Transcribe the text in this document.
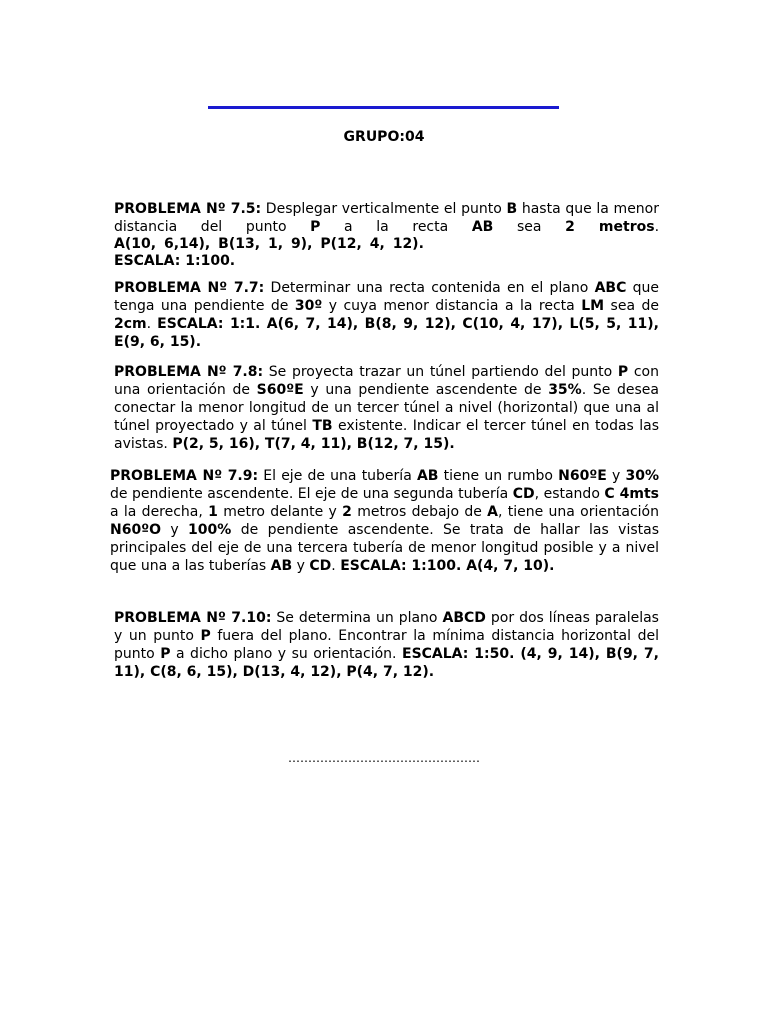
GRUPO:04
PROBLEMA Nº 7.5: Desplegar verticalmente el punto B hasta que la menor distancia del punto P a la recta AB sea 2 metros.
A(10, 6,14), B(13, 1, 9), P(12, 4, 12).
ESCALA: 1:100.
PROBLEMA Nº 7.7: Determinar una recta contenida en el plano ABC que tenga una pendiente de 30º y cuya menor distancia a la recta LM sea de 2cm. ESCALA: 1:1. A(6, 7, 14), B(8, 9, 12), C(10, 4, 17), L(5, 5, 11), E(9, 6, 15).
PROBLEMA Nº 7.8: Se proyecta trazar un túnel partiendo del punto P con una orientación de S60ºE y una pendiente ascendente de 35%. Se desea conectar la menor longitud de un tercer túnel a nivel (horizontal) que una al túnel proyectado y al túnel TB existente. Indicar el tercer túnel en todas las avistas. P(2, 5, 16), T(7, 4, 11), B(12, 7, 15).
PROBLEMA Nº 7.9: El eje de una tubería AB tiene un rumbo N60ºE y 30% de pendiente ascendente. El eje de una segunda tubería CD, estando C 4mts a la derecha, 1 metro delante y 2 metros debajo de A, tiene una orientación N60ºO y 100% de pendiente ascendente. Se trata de hallar las vistas principales del eje de una tercera tubería de menor longitud posible y a nivel que una a las tuberías AB y CD. ESCALA: 1:100. A(4, 7, 10).
PROBLEMA Nº 7.10: Se determina un plano ABCD por dos líneas paralelas y un punto P fuera del plano. Encontrar la mínima distancia horizontal del punto P a dicho plano y su orientación. ESCALA: 1:50. (4, 9, 14), B(9, 7, 11), C(8, 6, 15), D(13, 4, 12), P(4, 7, 12).
…………………………………………
